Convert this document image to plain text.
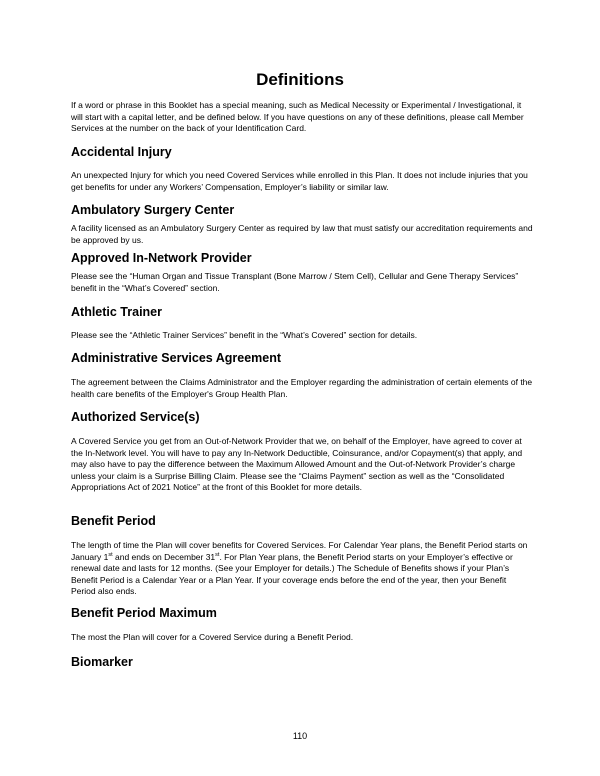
Definitions
If a word or phrase in this Booklet has a special meaning, such as Medical Necessity or Experimental / Investigational, it will start with a capital letter, and be defined below. If you have questions on any of these definitions, please call Member Services at the number on the back of your Identification Card.
Accidental Injury
An unexpected Injury for which you need Covered Services while enrolled in this Plan. It does not include injuries that you get benefits for under any Workers’ Compensation, Employer’s liability or similar law.
Ambulatory Surgery Center
A facility licensed as an Ambulatory Surgery Center as required by law that must satisfy our accreditation requirements and be approved by us.
Approved In-Network Provider
Please see the “Human Organ and Tissue Transplant (Bone Marrow / Stem Cell), Cellular and Gene Therapy Services” benefit in the “What’s Covered” section.
Athletic Trainer
Please see the “Athletic Trainer Services” benefit in the “What’s Covered” section for details.
Administrative Services Agreement
The agreement between the Claims Administrator and the Employer regarding the administration of certain elements of the health care benefits of the Employer's Group Health Plan.
Authorized Service(s)
A Covered Service you get from an Out-of-Network Provider that we, on behalf of the Employer, have agreed to cover at the In-Network level. You will have to pay any In-Network Deductible, Coinsurance, and/or Copayment(s) that apply, and may also have to pay the difference between the Maximum Allowed Amount and the Out-of-Network Provider’s charge unless your claim is a Surprise Billing Claim. Please see the “Claims Payment” section as well as the “Consolidated Appropriations Act of 2021 Notice” at the front of this Booklet for more details.
Benefit Period
The length of time the Plan will cover benefits for Covered Services. For Calendar Year plans, the Benefit Period starts on January 1st and ends on December 31st. For Plan Year plans, the Benefit Period starts on your Employer’s effective or renewal date and lasts for 12 months. (See your Employer for details.) The Schedule of Benefits shows if your Plan’s Benefit Period is a Calendar Year or a Plan Year. If your coverage ends before the end of the year, then your Benefit Period also ends.
Benefit Period Maximum
The most the Plan will cover for a Covered Service during a Benefit Period.
Biomarker
110
